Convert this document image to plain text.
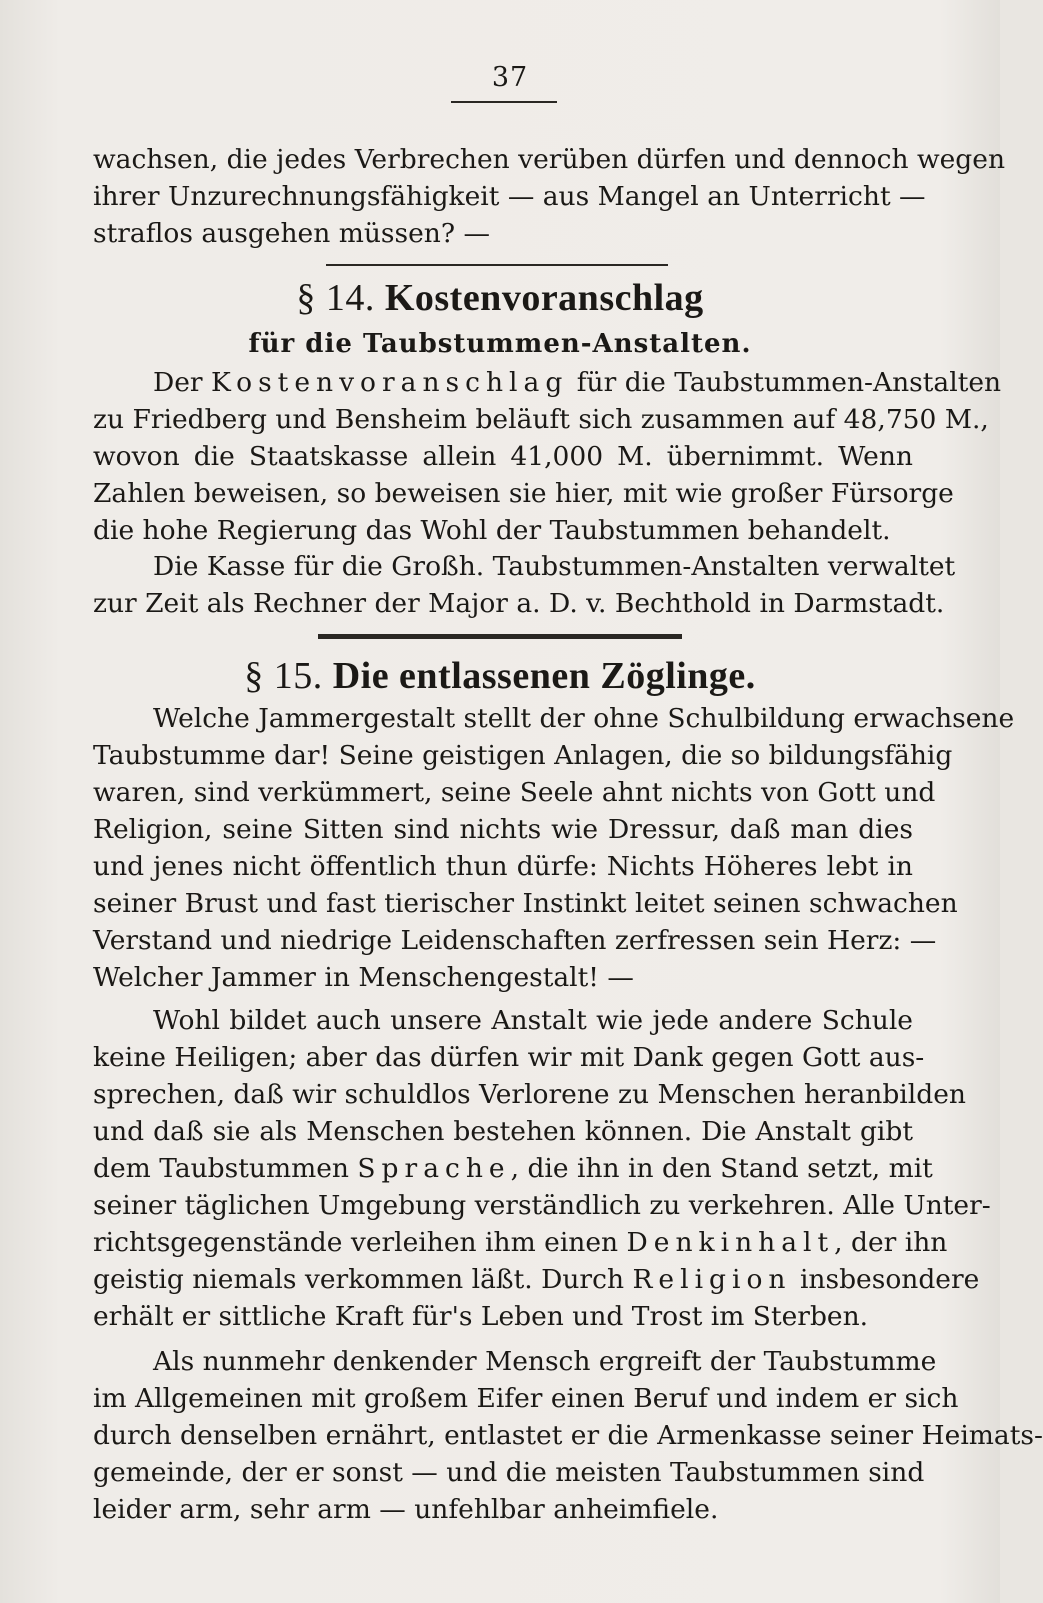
37
wachsen, die jedes Verbrechen verüben dürfen und dennoch wegen
ihrer Unzurechnungsfähigkeit — aus Mangel an Unterricht —
straflos ausgehen müssen? —
§ 14. Kostenvoranschlag
für die Taubstummen-Anstalten.
Der Kostenvoranschlag für die Taubstummen-Anstalten
zu Friedberg und Bensheim beläuft sich zusammen auf 48,750 M.,
wovon die Staatskasse allein 41,000 M. übernimmt. Wenn
Zahlen beweisen, so beweisen sie hier, mit wie großer Fürsorge
die hohe Regierung das Wohl der Taubstummen behandelt.
Die Kasse für die Großh. Taubstummen-Anstalten verwaltet
zur Zeit als Rechner der Major a. D. v. Bechthold in Darmstadt.
§ 15. Die entlassenen Zöglinge.
Welche Jammergestalt stellt der ohne Schulbildung erwachsene
Taubstumme dar! Seine geistigen Anlagen, die so bildungsfähig
waren, sind verkümmert, seine Seele ahnt nichts von Gott und
Religion, seine Sitten sind nichts wie Dressur, daß man dies
und jenes nicht öffentlich thun dürfe: Nichts Höheres lebt in
seiner Brust und fast tierischer Instinkt leitet seinen schwachen
Verstand und niedrige Leidenschaften zerfressen sein Herz: —
Welcher Jammer in Menschengestalt! —
Wohl bildet auch unsere Anstalt wie jede andere Schule
keine Heiligen; aber das dürfen wir mit Dank gegen Gott aus-
sprechen, daß wir schuldlos Verlorene zu Menschen heranbilden
und daß sie als Menschen bestehen können. Die Anstalt gibt
dem Taubstummen Sprache, die ihn in den Stand setzt, mit
seiner täglichen Umgebung verständlich zu verkehren. Alle Unter-
richtsgegenstände verleihen ihm einen Denkinhalt, der ihn
geistig niemals verkommen läßt. Durch Religion insbesondere
erhält er sittliche Kraft für's Leben und Trost im Sterben.
Als nunmehr denkender Mensch ergreift der Taubstumme
im Allgemeinen mit großem Eifer einen Beruf und indem er sich
durch denselben ernährt, entlastet er die Armenkasse seiner Heimats-
gemeinde, der er sonst — und die meisten Taubstummen sind
leider arm, sehr arm — unfehlbar anheimfiele.
